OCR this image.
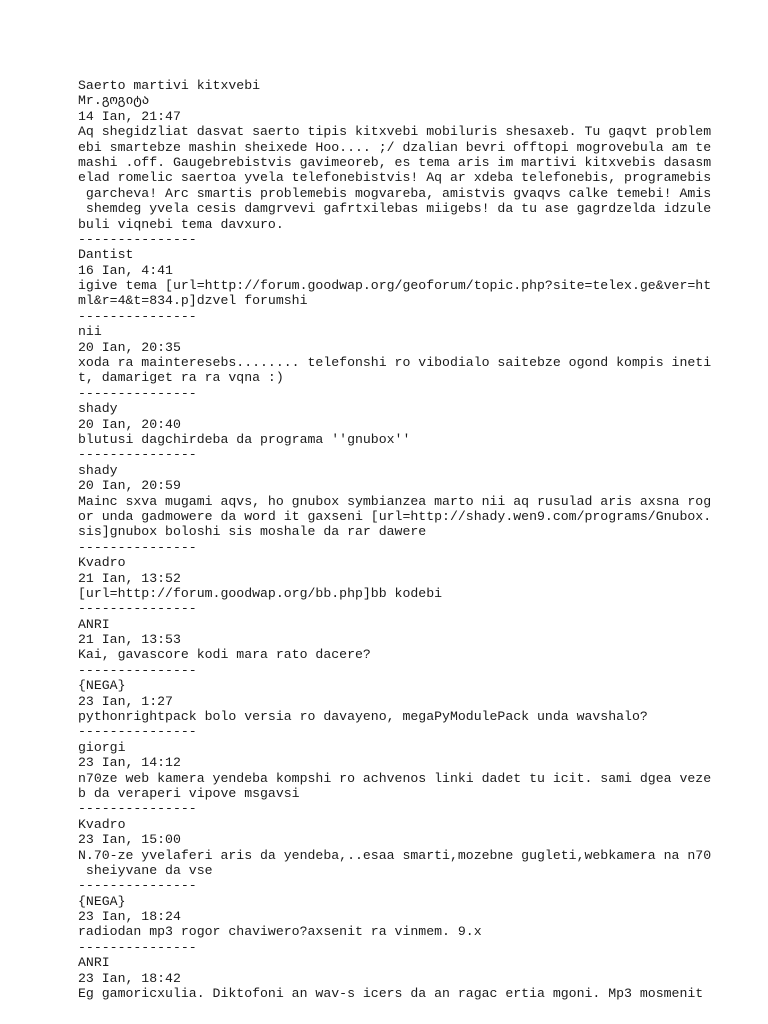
Saerto martivi kitxvebi
Mr.გოგიტა
14 Ian, 21:47
Aq shegidzliat dasvat saerto tipis kitxvebi mobiluris shesaxeb. Tu gaqvt problem
ebi smartebze mashin sheixede Hoo.... ;/ dzalian bevri offtopi mogrovebula am te
mashi .off. Gaugebrebistvis gavimeoreb, es tema aris im martivi kitxvebis dasasm
elad romelic saertoa yvela telefonebistvis! Aq ar xdeba telefonebis, programebis
garcheva! Arc smartis problemebis mogvareba, amistvis gvaqvs calke temebi! Amis
shemdeg yvela cesis damgrvevi gafrtxilebas miigebs! da tu ase gagrdzelda idzule
buli viqnebi tema davxuro.
---------------
Dantist
16 Ian, 4:41
igive tema [url=http://forum.goodwap.org/geoforum/topic.php?site=telex.ge&ver=ht
ml&r=4&t=834.p]dzvel forumshi
---------------
nii
20 Ian, 20:35
xoda ra mainteresebs........ telefonshi ro vibodialo saitebze ogond kompis ineti
t, damariget ra ra vqna :)
---------------
shady
20 Ian, 20:40
blutusi dagchirdeba da programa ''gnubox''
---------------
shady
20 Ian, 20:59
Mainc sxva mugami aqvs, ho gnubox symbianzea marto nii aq rusulad aris axsna rog
or unda gadmowere da word it gaxseni [url=http://shady.wen9.com/programs/Gnubox.
sis]gnubox boloshi sis moshale da rar dawere
---------------
Kvadro
21 Ian, 13:52
[url=http://forum.goodwap.org/bb.php]bb kodebi
---------------
ANRI
21 Ian, 13:53
Kai, gavascore kodi mara rato dacere?
---------------
{NEGA}
23 Ian, 1:27
pythonrightpack bolo versia ro davayeno, megaPyModulePack unda wavshalo?
---------------
giorgi
23 Ian, 14:12
n70ze web kamera yendeba kompshi ro achvenos linki dadet tu icit. sami dgea veze
b da veraperi vipove msgavsi
---------------
Kvadro
23 Ian, 15:00
N.70-ze yvelaferi aris da yendeba,..esaa smarti,mozebne gugleti,webkamera na n70
sheiyvane da vse
---------------
{NEGA}
23 Ian, 18:24
radiodan mp3 rogor chaviwero?axsenit ra vinmem. 9.x
---------------
ANRI
23 Ian, 18:42
Eg gamoricxulia. Diktofoni an wav-s icers da an ragac ertia mgoni. Mp3 mosmenit
